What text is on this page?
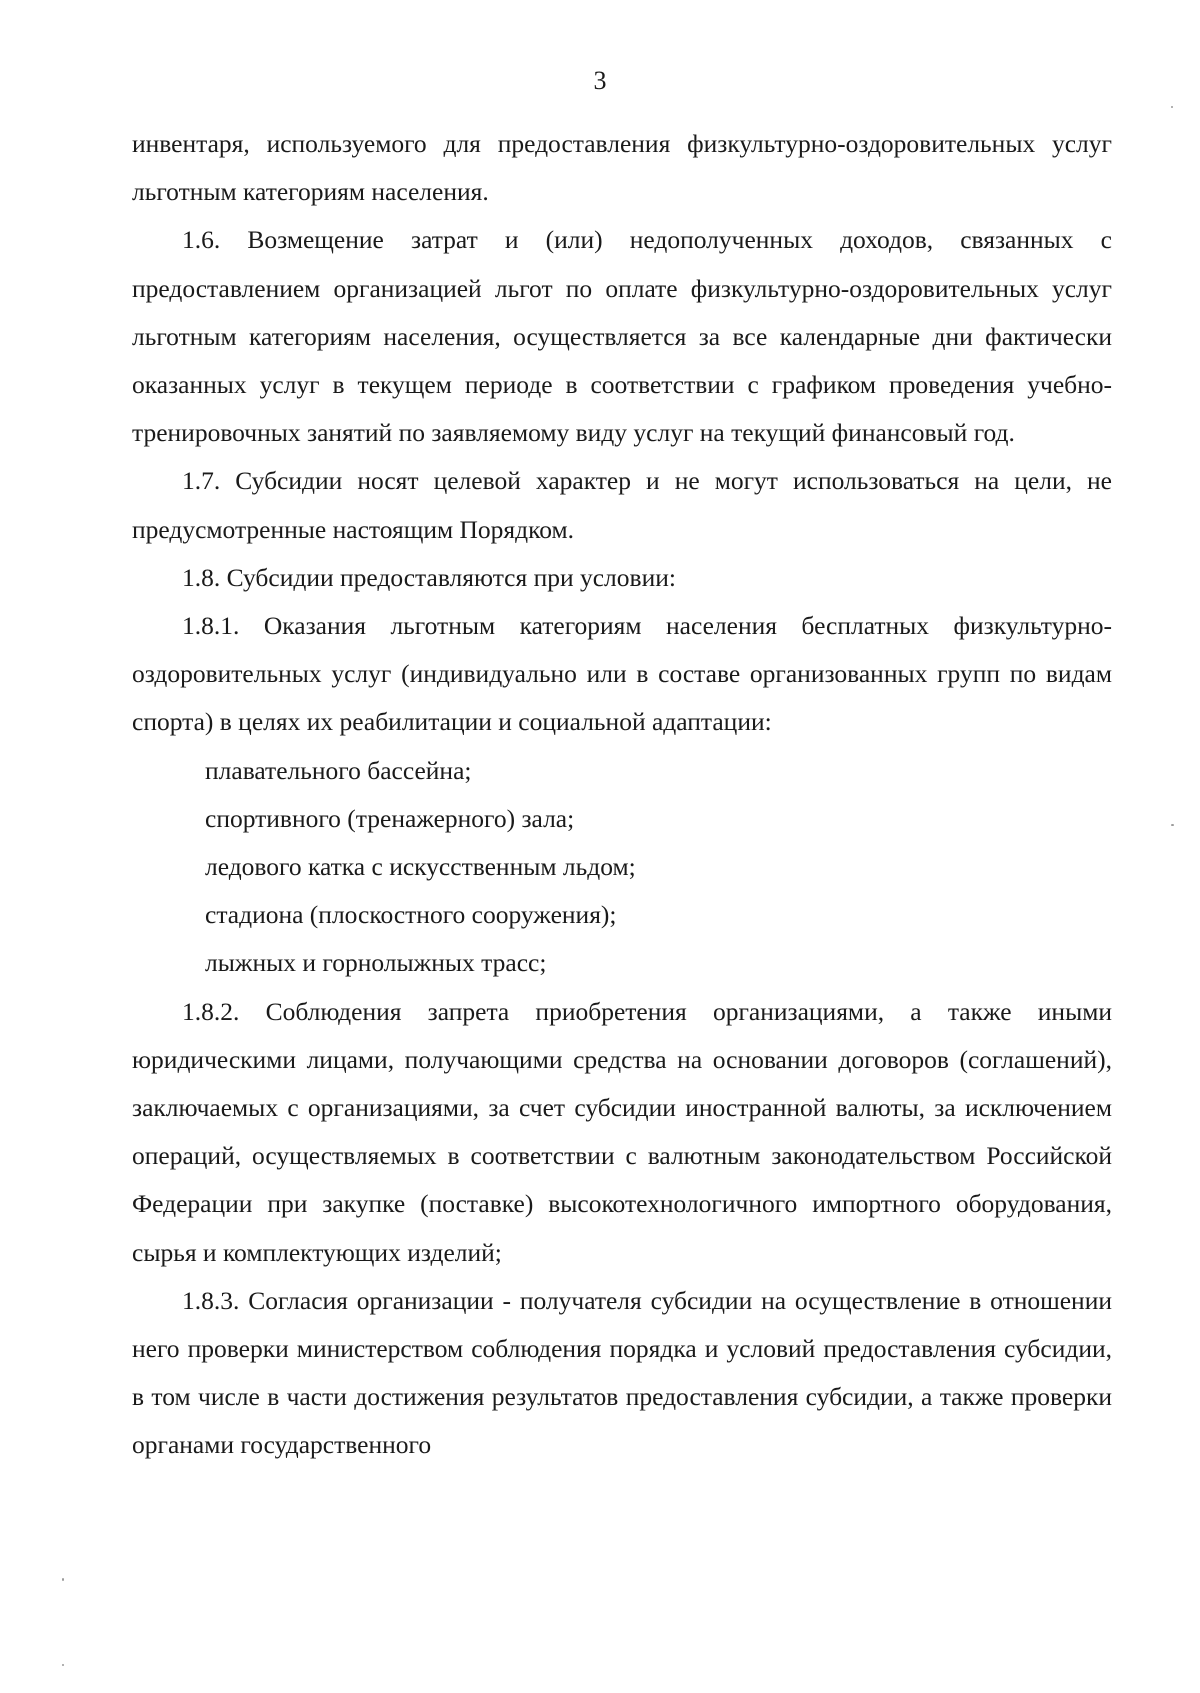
3

инвентаря, используемого для предоставления физкультурно-оздоровительных услуг льготным категориям населения.

1.6. Возмещение затрат и (или) недополученных доходов, связанных с предоставлением организацией льгот по оплате физкультурно-оздоровительных услуг льготным категориям населения, осуществляется за все календарные дни фактически оказанных услуг в текущем периоде в соответствии с графиком проведения учебно-тренировочных занятий по заявляемому виду услуг на текущий финансовый год.

1.7. Субсидии носят целевой характер и не могут использоваться на цели, не предусмотренные настоящим Порядком.

1.8. Субсидии предоставляются при условии:

1.8.1. Оказания льготным категориям населения бесплатных физкультурно-оздоровительных услуг (индивидуально или в составе организованных групп по видам спорта) в целях их реабилитации и социальной адаптации:

плавательного бассейна;

спортивного (тренажерного) зала;

ледового катка с искусственным льдом;

стадиона (плоскостного сооружения);

лыжных и горнолыжных трасс;

1.8.2. Соблюдения запрета приобретения организациями, а также иными юридическими лицами, получающими средства на основании договоров (соглашений), заключаемых с организациями, за счет субсидии иностранной валюты, за исключением операций, осуществляемых в соответствии с валютным законодательством Российской Федерации при закупке (поставке) высокотехнологичного импортного оборудования, сырья и комплектующих изделий;

1.8.3. Согласия организации - получателя субсидии на осуществление в отношении него проверки министерством соблюдения порядка и условий предоставления субсидии, в том числе в части достижения результатов предоставления субсидии, а также проверки органами государственного
